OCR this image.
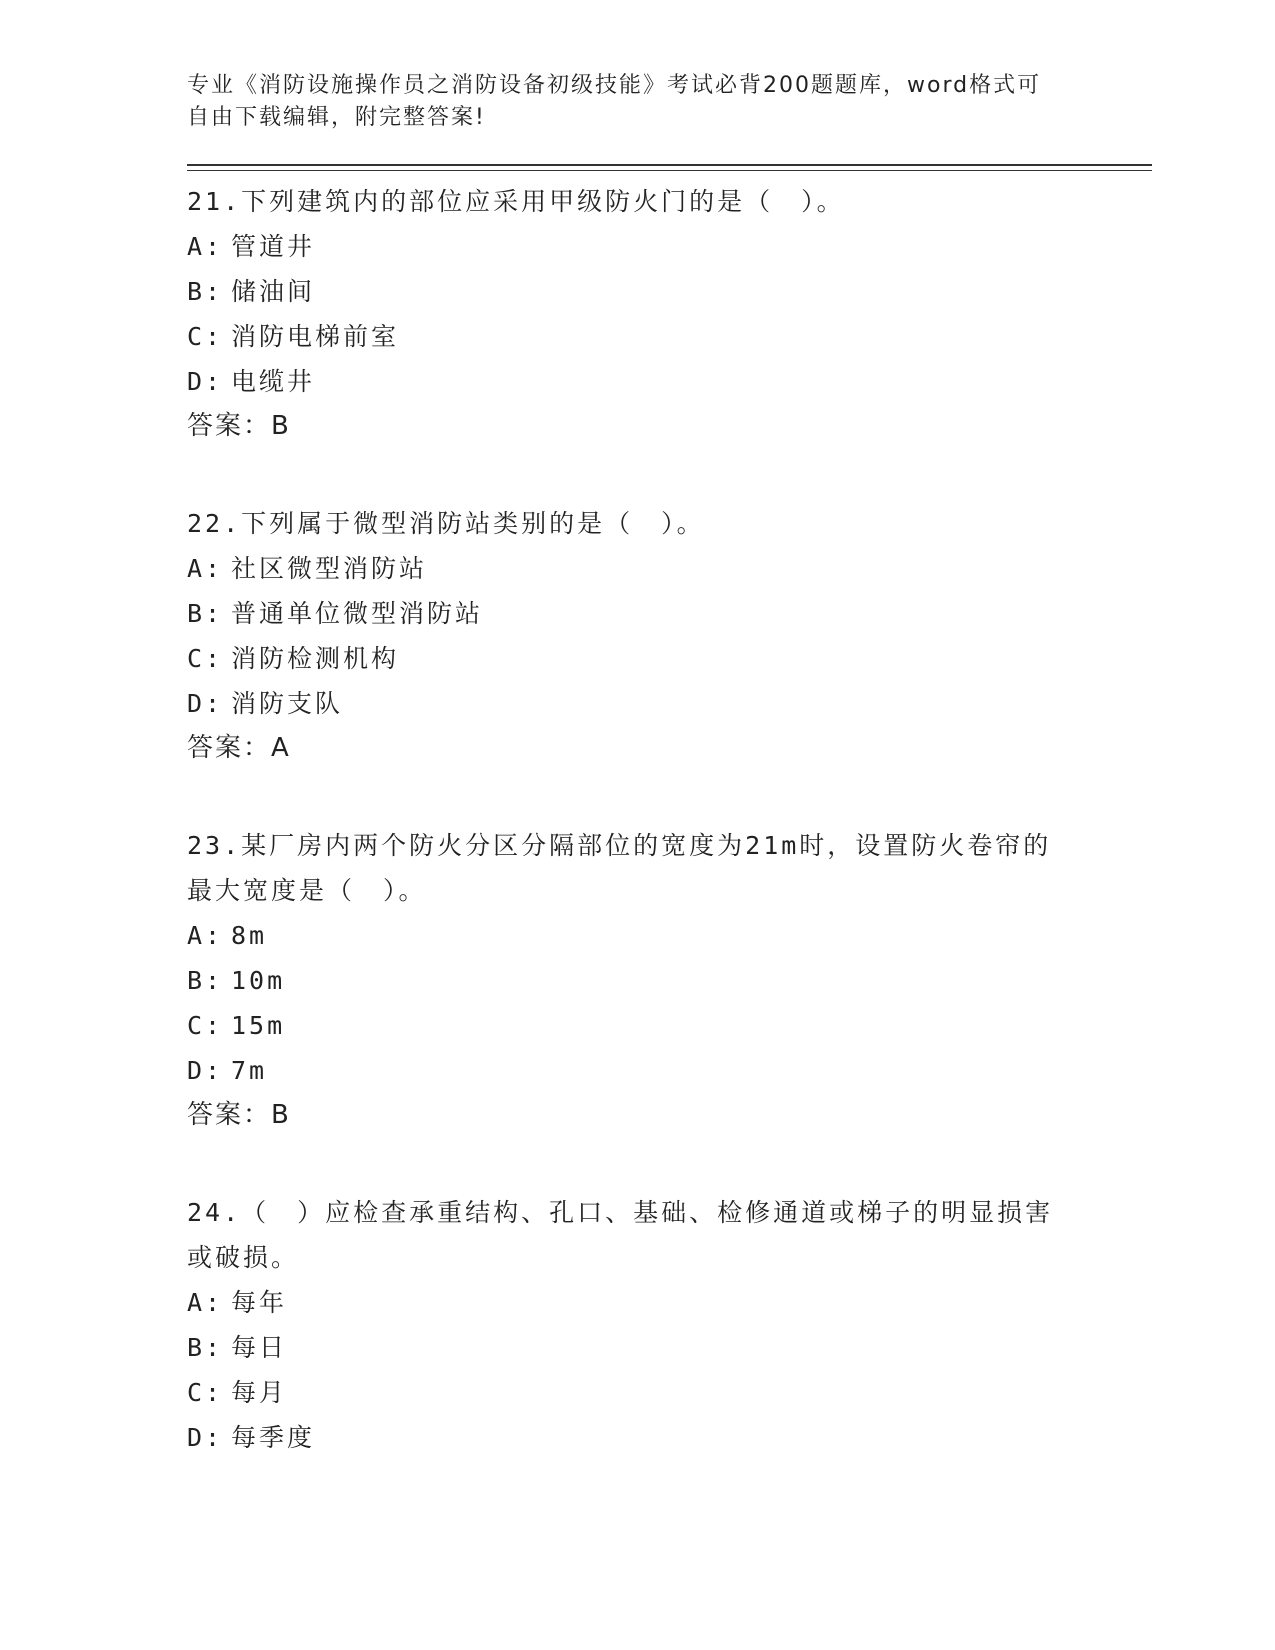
专业《消防设施操作员之消防设备初级技能》考试必背200题题库，word格式可
自由下载编辑，附完整答案!

21.下列建筑内的部位应采用甲级防火门的是（　）。

A: 管道井

B: 储油间

C: 消防电梯前室

D: 电缆井

答案：B

22.下列属于微型消防站类别的是（　）。

A: 社区微型消防站

B: 普通单位微型消防站

C: 消防检测机构

D: 消防支队

答案：A

23.某厂房内两个防火分区分隔部位的宽度为21m时，设置防火卷帘的最大宽度是（　）。

A: 8m

B: 10m

C: 15m

D: 7m

答案：B

24.（　）应检查承重结构、孔口、基础、检修通道或梯子的明显损害或破损。

A: 每年

B: 每日

C: 每月

D: 每季度
